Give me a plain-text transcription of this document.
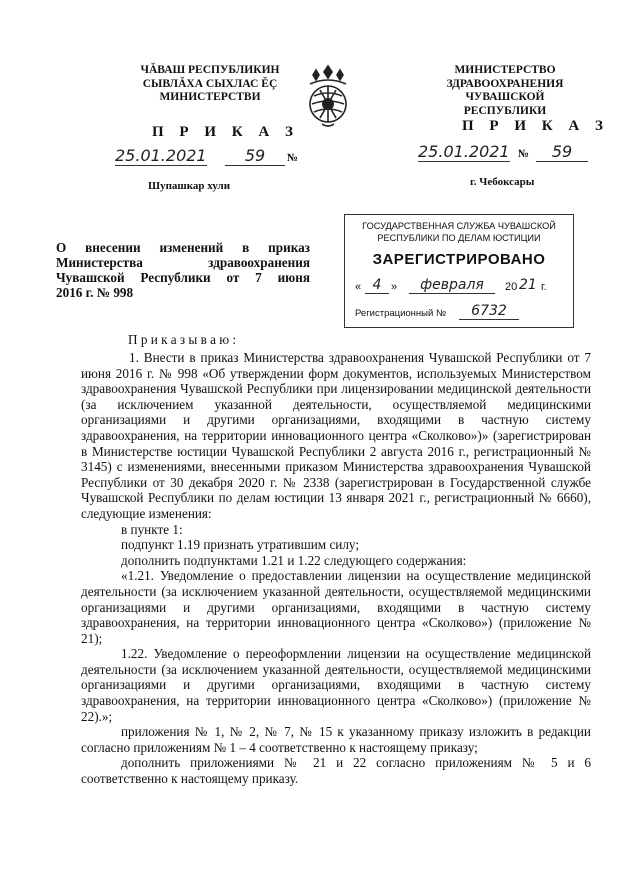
ЧĂВАШ РЕСПУБЛИКИН
СЫВЛĂХА СЫХЛАС ĔÇ
МИНИСТЕРСТВИ
П Р И К А З
25.01.2021	59	№
Шупашкар хули
МИНИСТЕРСТВО
ЗДРАВООХРАНЕНИЯ
ЧУВАШСКОЙ РЕСПУБЛИКИ
П Р И К А З
25.01.2021 №	59
г. Чебоксары
О внесении изменений в приказ
Министерства здравоохранения
Чувашской Республики от 7 июня
2016 г. № 998
ГОСУДАРСТВЕННАЯ СЛУЖБА ЧУВАШСКОЙ
РЕСПУБЛИКИ ПО ДЕЛАМ ЮСТИЦИИ
ЗАРЕГИСТРИРОВАНО
« 4 »	февраля	20 21 г.
Регистрационный №	6732
П р и к а з ы в а ю :

1. Внести в приказ Министерства здравоохранения Чувашской Республики от 7 июня 2016 г. № 998 «Об утверждении форм документов, используемых Министерством здравоохранения Чувашской Республики при лицензировании медицинской деятельности (за исключением указанной деятельности, осуществляемой медицинскими организациями и другими организациями, входящими в частную систему здравоохранения, на территории инновационного центра «Сколково»)» (зарегистрирован в Министерстве юстиции Чувашской Республики 2 августа 2016 г., регистрационный № 3145) с изменениями, внесенными приказом Министерства здравоохранения Чувашской Республики от 30 декабря 2020 г. № 2338 (зарегистрирован в Государственной службе Чувашской Республики по делам юстиции 13 января 2021 г., регистрационный № 6660), следующие изменения:

в пункте 1:

подпункт 1.19 признать утратившим силу;

дополнить подпунктами 1.21 и 1.22 следующего содержания:

«1.21. Уведомление о предоставлении лицензии на осуществление медицинской деятельности (за исключением указанной деятельности, осуществляемой медицинскими организациями и другими организациями, входящими в частную систему здравоохранения, на территории инновационного центра «Сколково») (приложение № 21);

1.22. Уведомление о переоформлении лицензии на осуществление медицинской деятельности (за исключением указанной деятельности, осуществляемой медицинскими организациями и другими организациями, входящими в частную систему здравоохранения, на территории инновационного центра «Сколково») (приложение № 22).»;

приложения № 1, № 2, № 7, № 15 к указанному приказу изложить в редакции согласно приложениям № 1 – 4 соответственно к настоящему приказу;

дополнить приложениями № 21 и 22 согласно приложениям № 5 и 6 соответственно к настоящему приказу.
